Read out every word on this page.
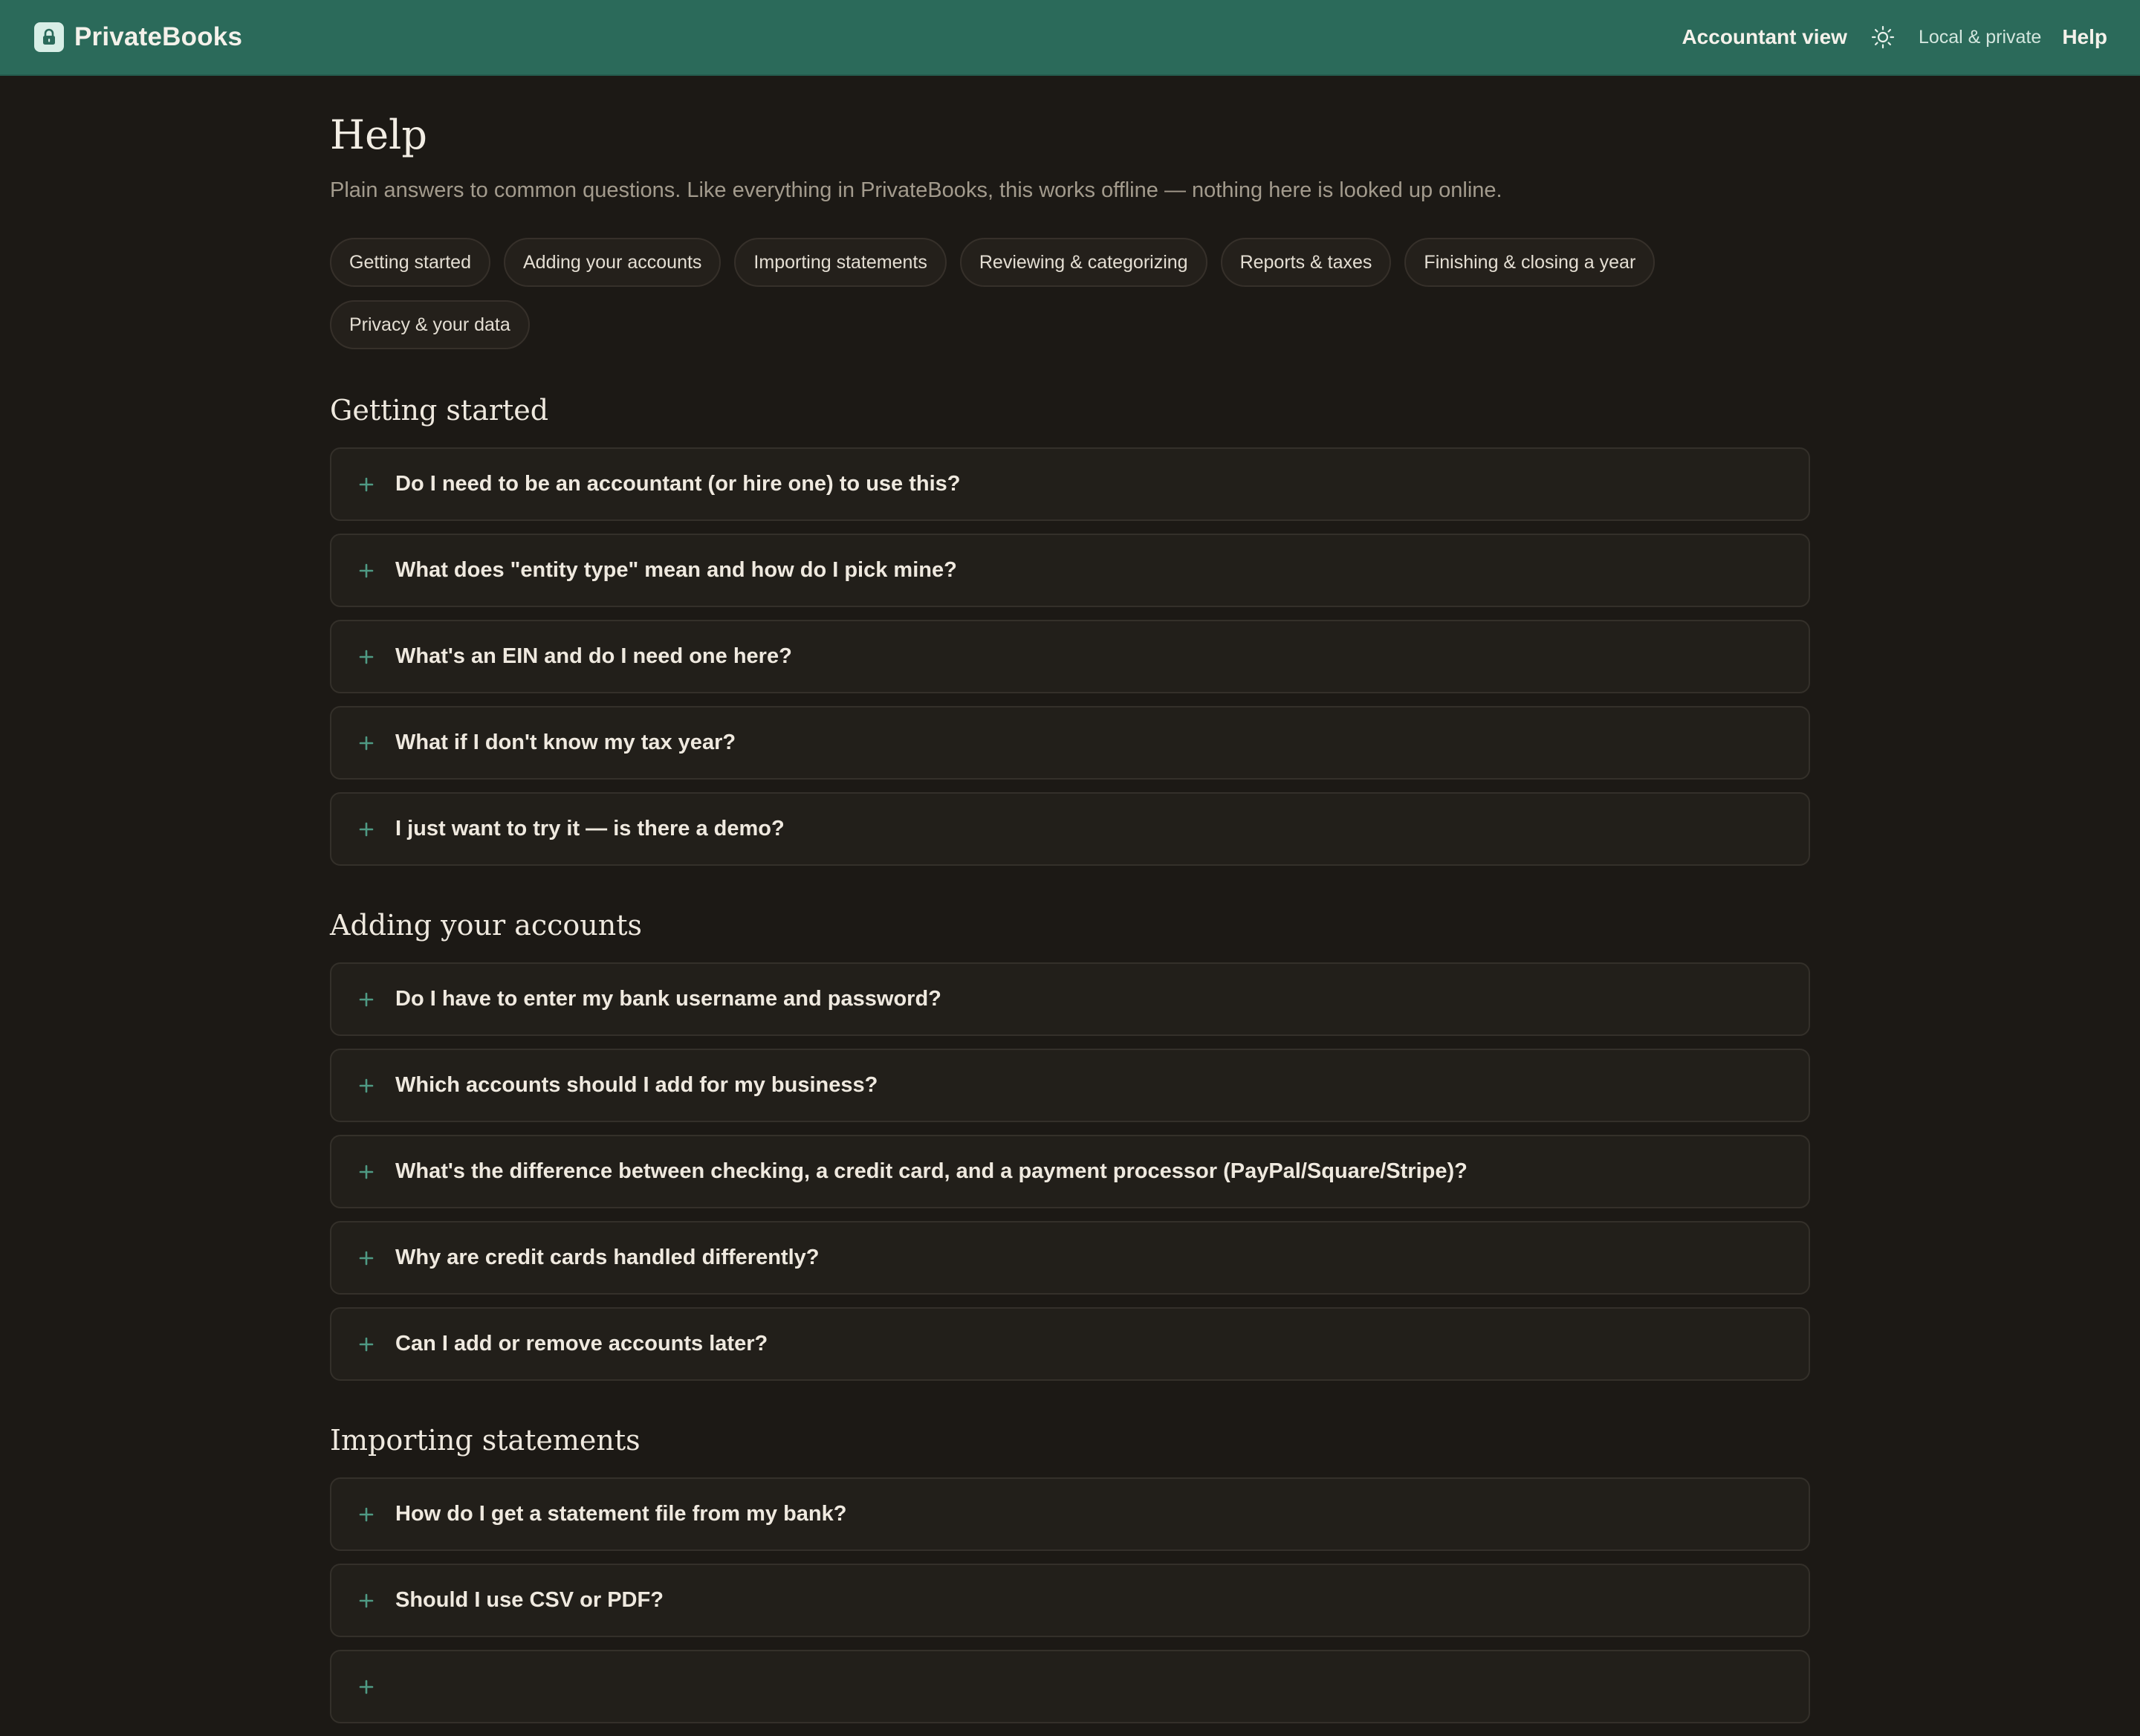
PrivateBooks	Accountant view	Local & private Help
Help

Plain answers to common questions. Like everything in PrivateBooks, this works offline — nothing here is looked up online.

Getting started	Adding your accounts	Importing statements	Reviewing & categorizing	Reports & taxes	Finishing & closing a year
Privacy & your data
Getting started
Do I need to be an accountant (or hire one) to use this?
What does "entity type" mean and how do I pick mine?
What's an EIN and do I need one here?
What if I don't know my tax year?
I just want to try it — is there a demo?
Adding your accounts
Do I have to enter my bank username and password?
Which accounts should I add for my business?
What's the difference between checking, a credit card, and a payment processor (PayPal/Square/Stripe)?
Why are credit cards handled differently?
Can I add or remove accounts later?
Importing statements
How do I get a statement file from my bank?
Should I use CSV or PDF?
